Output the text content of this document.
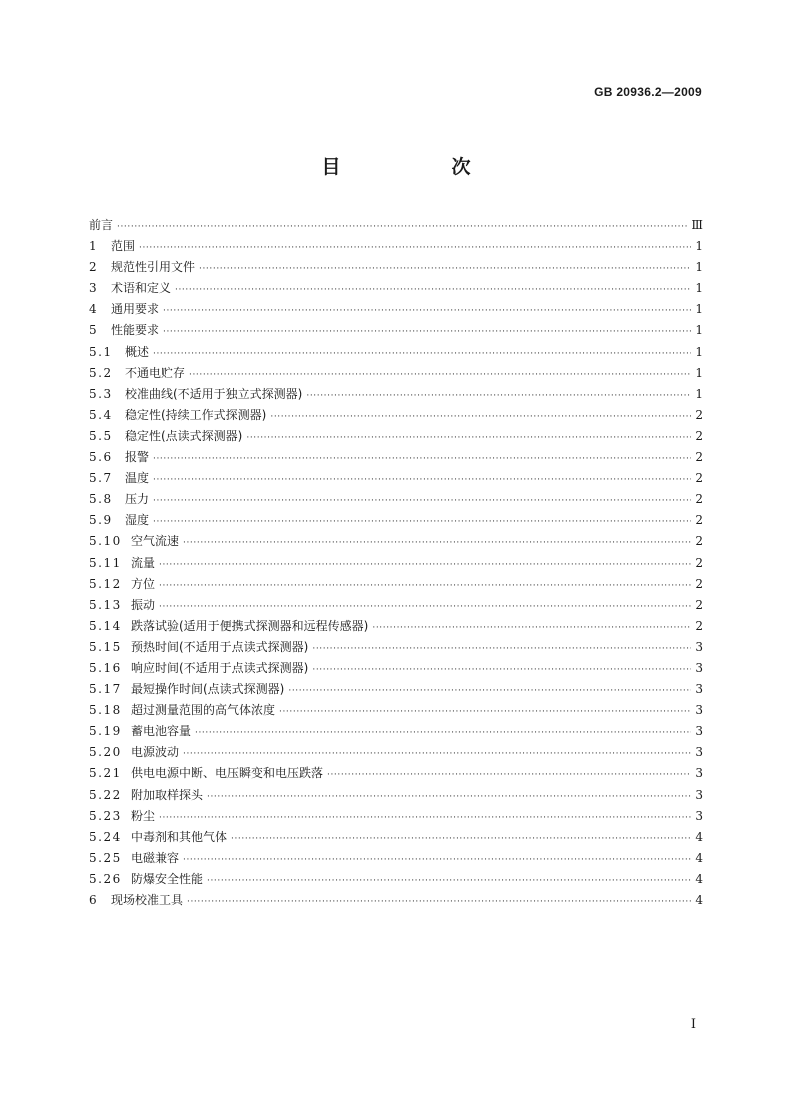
GB 20936.2—2009
目　次
前言 ·····	Ⅲ
1	范围 ·····	1
2	规范性引用文件 ·····	1
3	术语和定义 ·····	1
4	通用要求 ·····	1
5	性能要求 ·····	1
5.1	概述 ·····	1
5.2	不通电贮存 ·····	1
5.3	校准曲线(不适用于独立式探测器) ·····	1
5.4	稳定性(持续工作式探测器) ·····	2
5.5	稳定性(点读式探测器) ·····	2
5.6	报警 ·····	2
5.7	温度 ·····	2
5.8	压力 ·····	2
5.9	湿度 ·····	2
5.10 空气流速 ·····	2
5.11 流量 ·····	2
5.12 方位 ·····	2
5.13 振动 ·····	2
5.14 跌落试验(适用于便携式探测器和远程传感器) ·····	2
5.15 预热时间(不适用于点读式探测器) ·····	3
5.16 响应时间(不适用于点读式探测器) ·····	3
5.17 最短操作时间(点读式探测器) ·····	3
5.18 超过测量范围的高气体浓度 ·····	3
5.19 蓄电池容量 ·····	3
5.20 电源波动 ·····	3
5.21 供电电源中断、电压瞬变和电压跌落 ·····	3
5.22 附加取样探头 ·····	3
5.23 粉尘 ·····	3
5.24 中毒剂和其他气体 ·····	4
5.25 电磁兼容 ·····	4
5.26 防爆安全性能 ·····	4
6	现场校准工具 ·····	4
I
